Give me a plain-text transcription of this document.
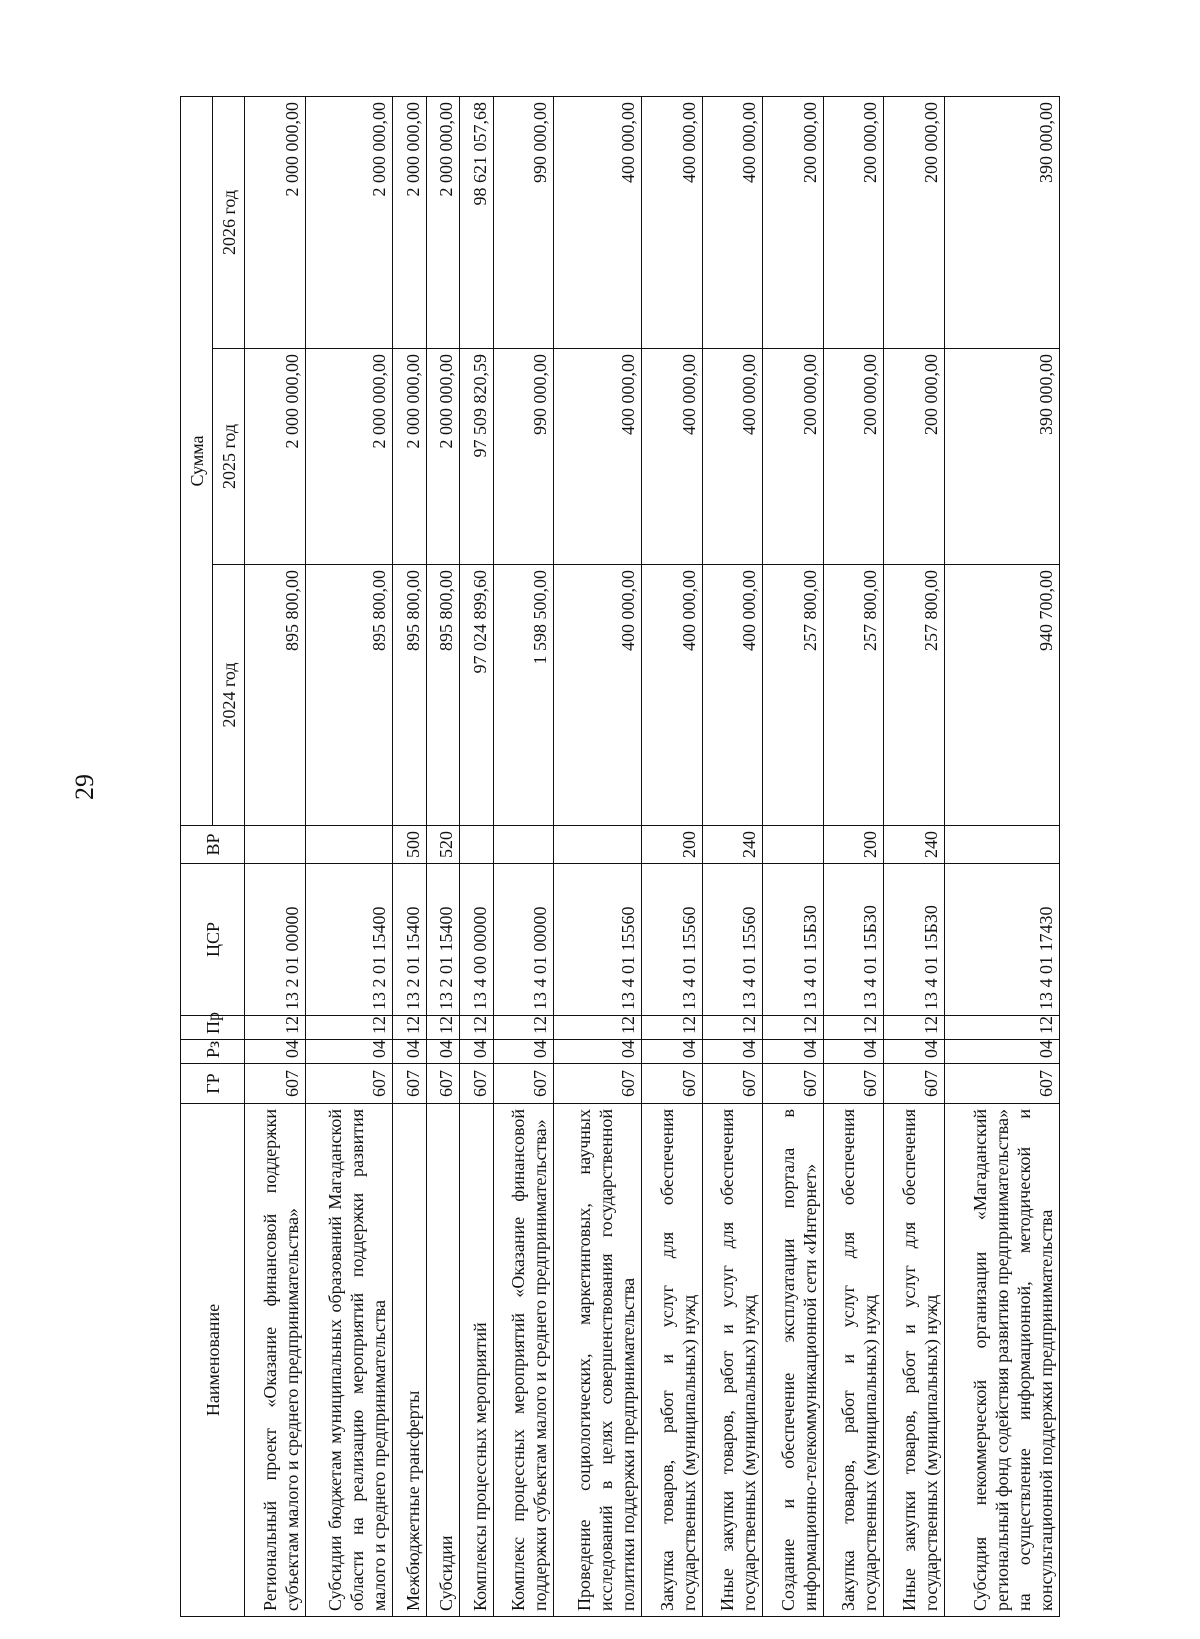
29
Наименование	ГР	Рз	Пр	ЦСР	ВР	Сумма		
						2024 год	2025 год	2026 год
Региональный проект «Оказание финансовой поддержки субъектам малого и среднего предпринимательства»	607	04	12	13 2 01 00000		895 800,00	2 000 000,00	2 000 000,00
Субсидии бюджетам муниципальных образований Магаданской области на реализацию мероприятий поддержки развития малого и среднего предпринимательства	607	04	12	13 2 01 15400		895 800,00	2 000 000,00	2 000 000,00
Межбюджетные трансферты	607	04	12	13 2 01 15400	500	895 800,00	2 000 000,00	2 000 000,00
Субсидии	607	04	12	13 2 01 15400	520	895 800,00	2 000 000,00	2 000 000,00
Комплексы процессных мероприятий	607	04	12	13 4 00 00000		97 024 899,60	97 509 820,59	98 621 057,68
Комплекс процессных мероприятий «Оказание финансовой поддержки субъектам малого и среднего предпринимательства»	607	04	12	13 4 01 00000		1 598 500,00	990 000,00	990 000,00
Проведение социологических, маркетинговых, научных исследований в целях совершенствования государственной политики поддержки предпринимательства	607	04	12	13 4 01 15560		400 000,00	400 000,00	400 000,00
Закупка товаров, работ и услуг для обеспечения государственных (муниципальных) нужд	607	04	12	13 4 01 15560	200	400 000,00	400 000,00	400 000,00
Иные закупки товаров, работ и услуг для обеспечения государственных (муниципальных) нужд	607	04	12	13 4 01 15560	240	400 000,00	400 000,00	400 000,00
Создание и обеспечение эксплуатации портала в информационно-телекоммуникационной сети «Интернет»	607	04	12	13 4 01 15Б30		257 800,00	200 000,00	200 000,00
Закупка товаров, работ и услуг для обеспечения государственных (муниципальных) нужд	607	04	12	13 4 01 15Б30	200	257 800,00	200 000,00	200 000,00
Иные закупки товаров, работ и услуг для обеспечения государственных (муниципальных) нужд	607	04	12	13 4 01 15Б30	240	257 800,00	200 000,00	200 000,00
Субсидия некоммерческой организации «Магаданский региональный фонд содействия развитию предпринимательства» на осуществление информационной, методической и консультационной поддержки предпринимательства	607	04	12	13 4 01 17430		940 700,00	390 000,00	390 000,00
